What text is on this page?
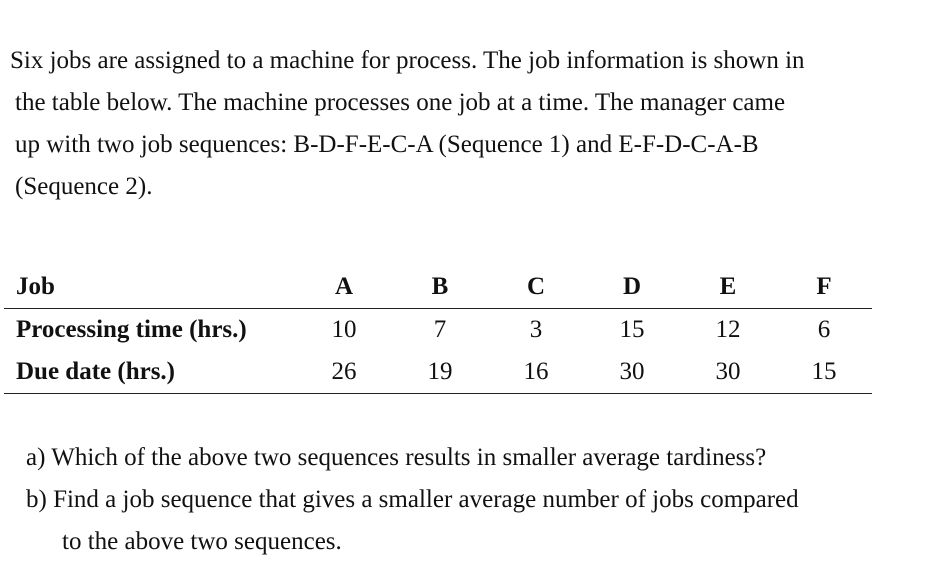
Six jobs are assigned to a machine for process. The job information is shown in
the table below. The machine processes one job at a time. The manager came
up with two job sequences: B-D-F-E-C-A (Sequence 1) and E-F-D-C-A-B
(Sequence 2).
Job	A	B	C	D	E	F
Processing time (hrs.)	10	7	3	15	12	6
Due date (hrs.)	26	19	16	30	30	15
a) Which of the above two sequences results in smaller average tardiness?
b) Find a job sequence that gives a smaller average number of jobs compared
to the above two sequences.
